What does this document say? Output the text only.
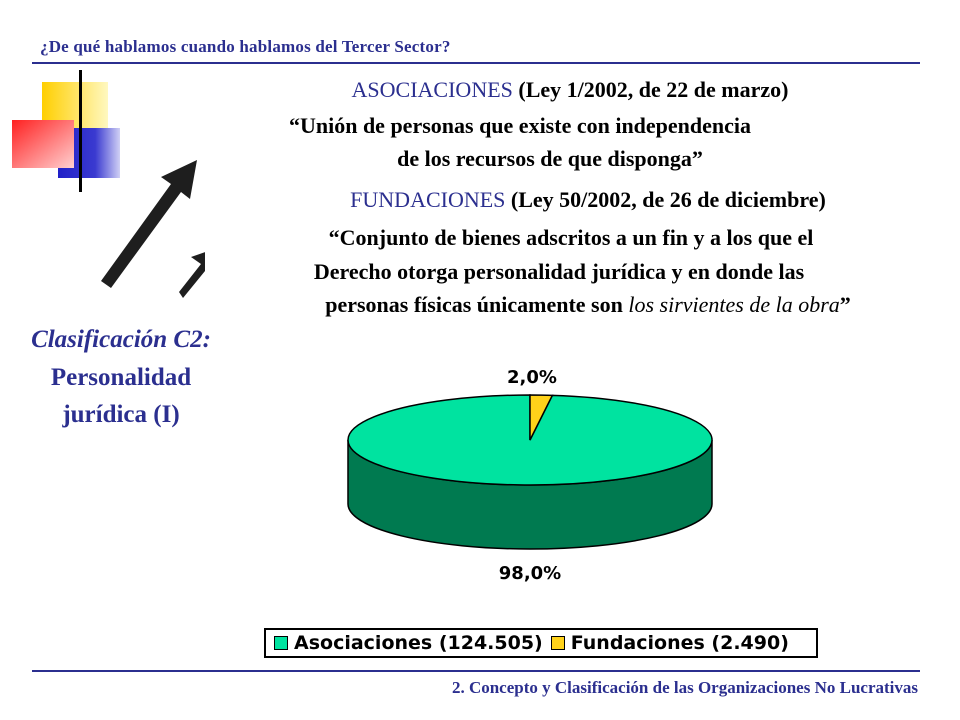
¿De qué hablamos cuando hablamos del Tercer Sector?
ASOCIACIONES (Ley 1/2002, de 22 de marzo)
“Unión de personas que existe con independencia
de los recursos de que disponga”
FUNDACIONES (Ley 50/2002, de 26 de diciembre)
“Conjunto de bienes adscritos a un fin y a los que el
Derecho otorga personalidad jurídica y en donde las
personas físicas únicamente son los sirvientes de la obra”
Clasificación C2:
Personalidad
jurídica (I)
2,0%
98,0%
Asociaciones (124.505) Fundaciones (2.490)
2. Concepto y Clasificación de las Organizaciones No Lucrativas
